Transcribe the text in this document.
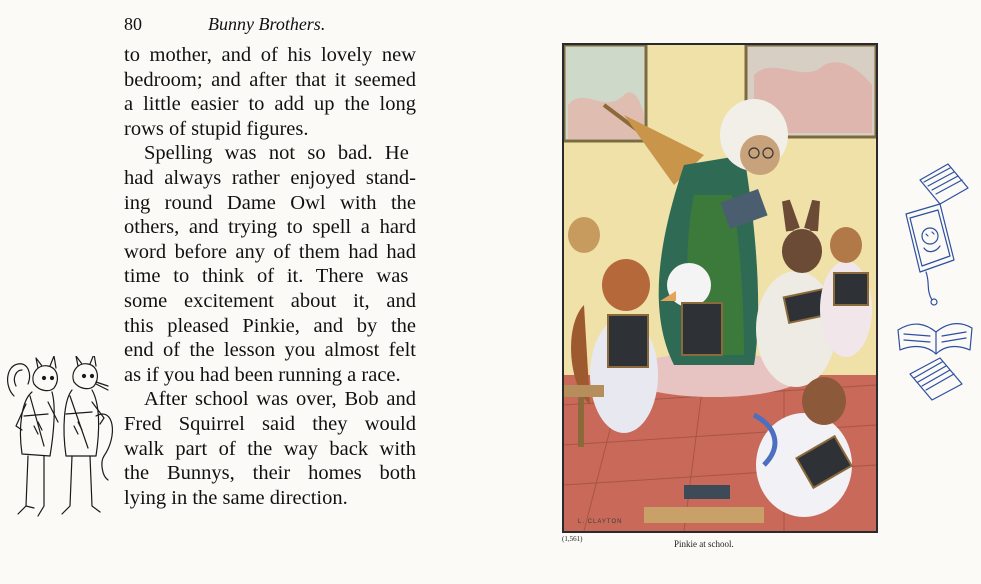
80	Bunny Brothers.
to mother, and of his lovely new
bedroom; and after that it seemed
a little easier to add up the long
rows of stupid figures.
Spelling was not so bad. He
had always rather enjoyed stand-
ing round Dame Owl with the
others, and trying to spell a hard
word before any of them had had
time to think of it. There was
some excitement about it, and
this pleased Pinkie, and by the
end of the lesson you almost felt
as if you had been running a race.
After school was over, Bob and
Fred Squirrel said they would
walk part of the way back with
the Bunnys, their homes both
lying in the same direction.
L. CLAYTON
(1,561)	Pinkie at school.
